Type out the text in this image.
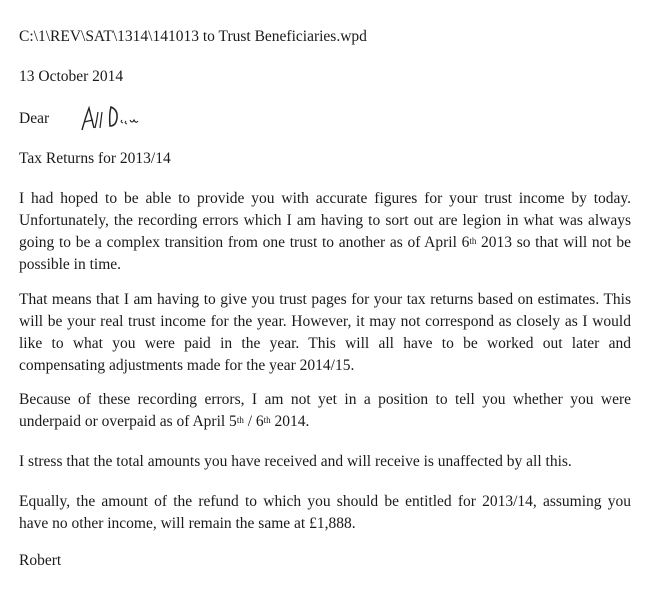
C:\1\REV\SAT\1314\141013 to Trust Beneficiaries.wpd
13 October 2014
Dear
Tax Returns for 2013/14
I had hoped to be able to provide you with accurate figures for your trust income by today.
Unfortunately, the recording errors which I am having to sort out are legion in what was always
going to be a complex transition from one trust to another as of April 6th 2013 so that will not be
possible in time.
That means that I am having to give you trust pages for your tax returns based on estimates. This
will be your real trust income for the year. However, it may not correspond as closely as I would
like to what you were paid in the year. This will all have to be worked out later and
compensating adjustments made for the year 2014/15.
Because of these recording errors, I am not yet in a position to tell you whether you were
underpaid or overpaid as of April 5th / 6th 2014.
I stress that the total amounts you have received and will receive is unaffected by all this.
Equally, the amount of the refund to which you should be entitled for 2013/14, assuming you
have no other income, will remain the same at £1,888.
Robert
